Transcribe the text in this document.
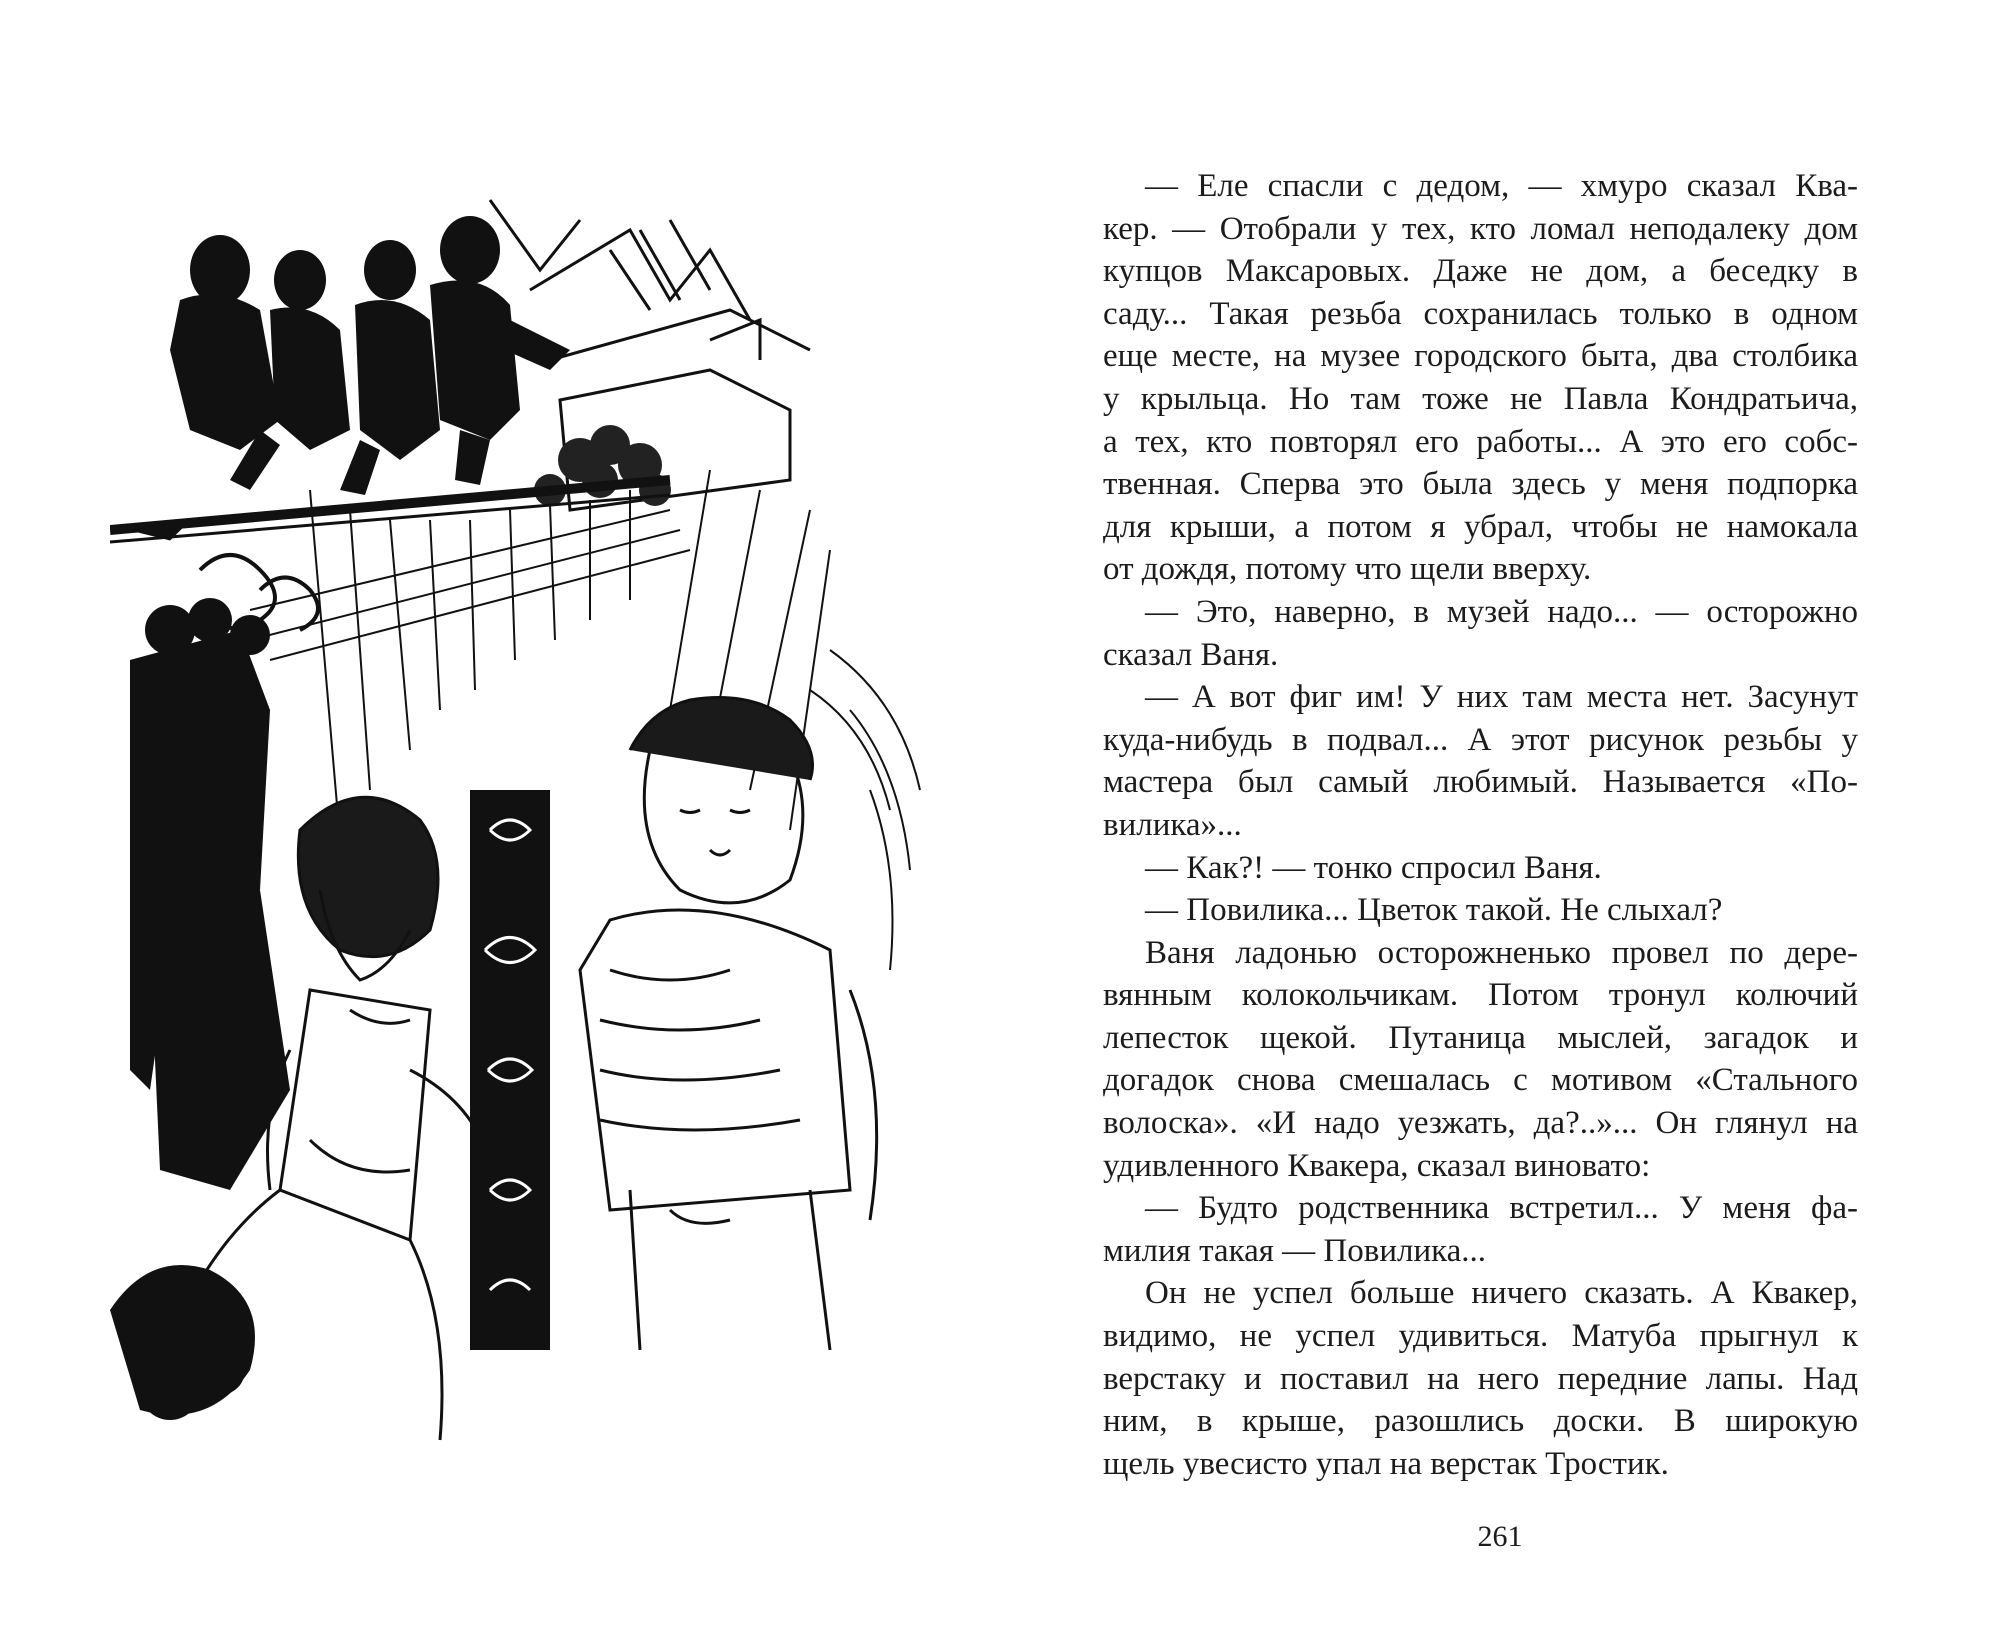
— Еле спасли с дедом, — хмуро сказал Ква-
кер. — Отобрали у тех, кто ломал неподалеку дом
купцов Максаровых. Даже не дом, а беседку в
саду... Такая резьба сохранилась только в одном
еще месте, на музее городского быта, два столбика
у крыльца. Но там тоже не Павла Кондратьича,
а тех, кто повторял его работы... А это его собс-
твенная. Сперва это была здесь у меня подпорка
для крыши, а потом я убрал, чтобы не намокала
от дождя, потому что щели вверху.
— Это, наверно, в музей надо... — осторожно
сказал Ваня.
— А вот фиг им! У них там места нет. Засунут
куда-нибудь в подвал... А этот рисунок резьбы у
мастера был самый любимый. Называется «По-
вилика»...
— Как?! — тонко спросил Ваня.
— Повилика... Цветок такой. Не слыхал?
Ваня ладонью осторожненько провел по дере-
вянным колокольчикам. Потом тронул колючий
лепесток щекой. Путаница мыслей, загадок и
догадок снова смешалась с мотивом «Стального
волоска». «И надо уезжать, да?..»... Он глянул на
удивленного Квакера, сказал виновато:
— Будто родственника встретил... У меня фа-
милия такая — Повилика...
Он не успел больше ничего сказать. А Квакер,
видимо, не успел удивиться. Матуба прыгнул к
верстаку и поставил на него передние лапы. Над
ним, в крыше, разошлись доски. В широкую
щель увесисто упал на верстак Тростик.
261
